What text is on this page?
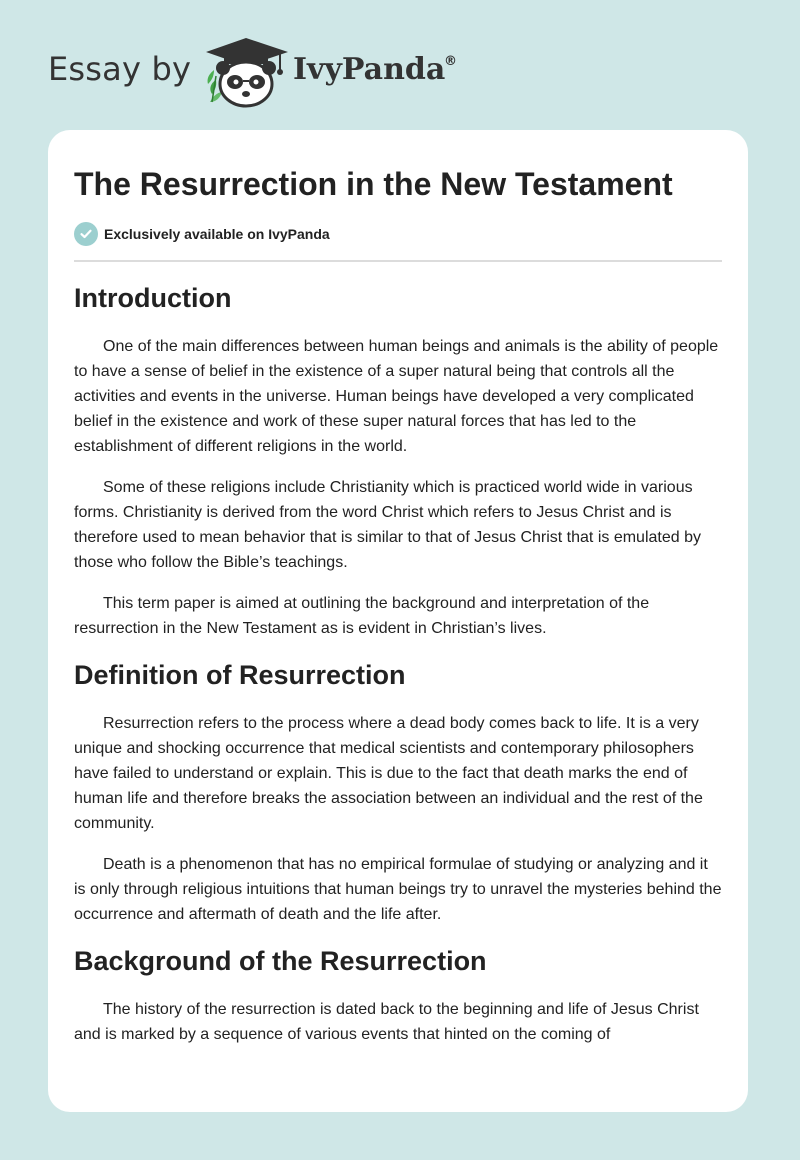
Essay by	IvyPanda
®
The Resurrection in the New Testament
Exclusively available on IvyPanda
Introduction

One of the main differences between human beings and animals is the ability of people to have a sense of belief in the existence of a super natural being that controls all the activities and events in the universe. Human beings have developed a very complicated belief in the existence and work of these super natural forces that has led to the establishment of different religions in the world.

Some of these religions include Christianity which is practiced world wide in various forms. Christianity is derived from the word Christ which refers to Jesus Christ and is therefore used to mean behavior that is similar to that of Jesus Christ that is emulated by those who follow the Bible’s teachings.

This term paper is aimed at outlining the background and interpretation of the resurrection in the New Testament as is evident in Christian’s lives.

Definition of Resurrection

Resurrection refers to the process where a dead body comes back to life. It is a very unique and shocking occurrence that medical scientists and contemporary philosophers have failed to understand or explain. This is due to the fact that death marks the end of human life and therefore breaks the association between an individual and the rest of the community.

Death is a phenomenon that has no empirical formulae of studying or analyzing and it is only through religious intuitions that human beings try to unravel the mysteries behind the occurrence and aftermath of death and the life after.

Background of the Resurrection

The history of the resurrection is dated back to the beginning and life of Jesus Christ and is marked by a sequence of various events that hinted on the coming of
